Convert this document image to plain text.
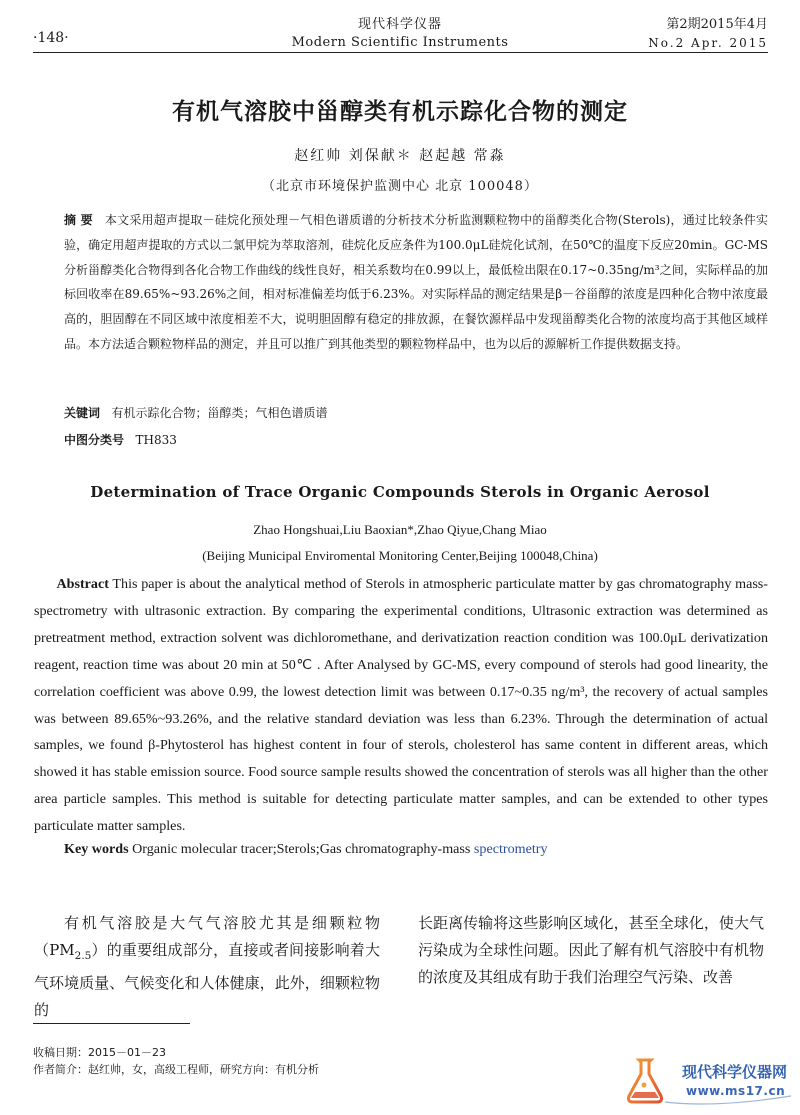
·148·
现代科学仪器
Modern Scientific Instruments
第2期2015年4月
No.2 Apr. 2015
有机气溶胶中甾醇类有机示踪化合物的测定
赵红帅 刘保献＊ 赵起越 常淼
（北京市环境保护监测中心 北京 100048）
摘 要 本文采用超声提取－硅烷化预处理－气相色谱质谱的分析技术分析监测颗粒物中的甾醇类化合物(Sterols)，通过比较条件实验，确定用超声提取的方式以二氯甲烷为萃取溶剂，硅烷化反应条件为100.0μL硅烷化试剂，在50℃的温度下反应20min。GC-MS分析甾醇类化合物得到各化合物工作曲线的线性良好，相关系数均在0.99以上，最低检出限在0.17~0.35ng/m³之间，实际样品的加标回收率在89.65%~93.26%之间，相对标准偏差均低于6.23%。对实际样品的测定结果是β－谷甾醇的浓度是四种化合物中浓度最高的，胆固醇在不同区域中浓度相差不大，说明胆固醇有稳定的排放源，在餐饮源样品中发现甾醇类化合物的浓度均高于其他区域样品。本方法适合颗粒物样品的测定，并且可以推广到其他类型的颗粒物样品中，也为以后的源解析工作提供数据支持。
关键词 有机示踪化合物；甾醇类；气相色谱质谱
中图分类号 TH833
Determination of Trace Organic Compounds Sterols in Organic Aerosol
Zhao Hongshuai,Liu Baoxian*,Zhao Qiyue,Chang Miao
(Beijing Municipal Enviromental Monitoring Center,Beijing 100048,China)
Abstract This paper is about the analytical method of Sterols in atmospheric particulate matter by gas chromatography mass-spectrometry with ultrasonic extraction. By comparing the experimental conditions, Ultrasonic extraction was determined as pretreatment method, extraction solvent was dichloromethane, and derivatization reaction condition was 100.0μL derivatization reagent, reaction time was about 20 min at 50℃ . After Analysed by GC-MS, every compound of sterols had good linearity, the correlation coefficient was above 0.99, the lowest detection limit was between 0.17~0.35 ng/m³, the recovery of actual samples was between 89.65%~93.26%, and the relative standard deviation was less than 6.23%. Through the determination of actual samples, we found β-Phytosterol has highest content in four of sterols, cholesterol has same content in different areas, which showed it has stable emission source. Food source sample results showed the concentration of sterols was all higher than the other area particle samples. This method is suitable for detecting particulate matter samples, and can be extended to other types particulate matter samples.
Key words Organic molecular tracer;Sterols;Gas chromatography-mass spectrometry
有机气溶胶是大气气溶胶尤其是细颗粒物$(PM_{2.5})$的重要组成部分，直接或者间接影响着大气环境质量、气候变化和人体健康，此外，细颗粒物的
长距离传输将这些影响区域化，甚至全球化，使大气污染成为全球性问题。因此了解有机气溶胶中有机物的浓度及其组成有助于我们治理空气污染、改善
收稿日期：2015－01－23
作者简介：赵红帅，女，高级工程师，研究方向：有机分析	现代科学仪器网
www.ms17.cn
